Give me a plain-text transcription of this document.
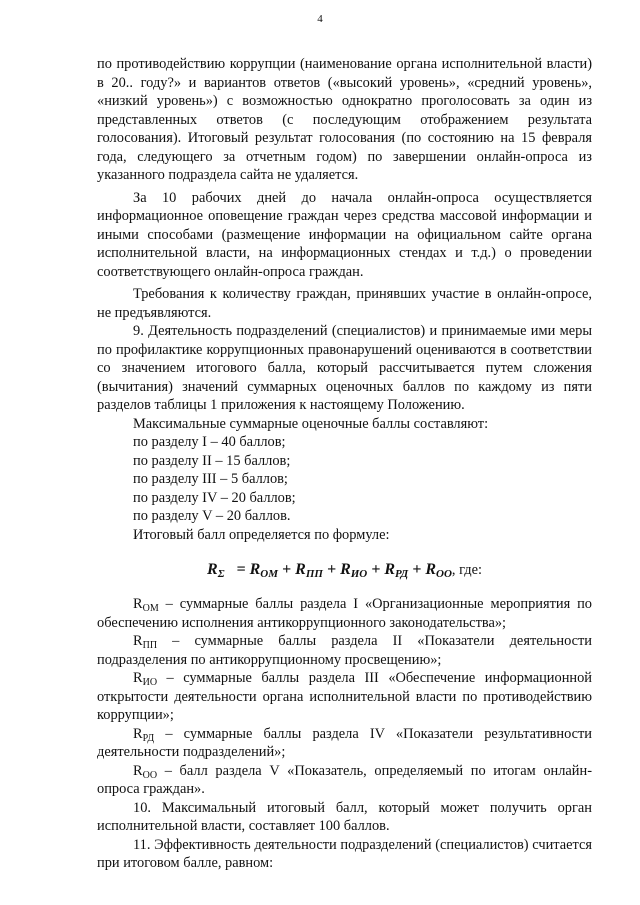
4

по противодействию коррупции (наименование органа исполнительной власти) в 20.. году?» и вариантов ответов («высокий уровень», «средний уровень», «низкий уровень») с возможностью однократно проголосовать за один из представленных ответов (с последующим отображением результата голосования). Итоговый результат голосования (по состоянию на 15 февраля года, следующего за отчетным годом) по завершении онлайн-опроса из указанного подраздела сайта не удаляется.

За 10 рабочих дней до начала онлайн-опроса осуществляется информационное оповещение граждан через средства массовой информации и иными способами (размещение информации на официальном сайте органа исполнительной власти, на информационных стендах и т.д.) о проведении соответствующего онлайн-опроса граждан.

Требования к количеству граждан, принявших участие в онлайн-опросе, не предъявляются.

9. Деятельность подразделений (специалистов) и принимаемые ими меры по профилактике коррупционных правонарушений оцениваются в соответствии со значением итогового балла, который рассчитывается путем сложения (вычитания) значений суммарных оценочных баллов по каждому из пяти разделов таблицы 1 приложения к настоящему Положению.

Максимальные суммарные оценочные баллы составляют:

по разделу I – 40 баллов;

по разделу II – 15 баллов;

по разделу III – 5 баллов;

по разделу IV – 20 баллов;

по разделу V – 20 баллов.

Итоговый балл определяется по формуле:

$R_\Sigma = R_{ОМ} + R_{ПП} + R_{ИО} + R_{РД} + R_{ОО}$, где:

$R_{ОМ}$ – суммарные баллы раздела I «Организационные мероприятия по обеспечению исполнения антикоррупционного законодательства»;

$R_{ПП}$ – суммарные баллы раздела II «Показатели деятельности подразделения по антикоррупционному просвещению»;

$R_{ИО}$ – суммарные баллы раздела III «Обеспечение информационной открытости деятельности органа исполнительной власти по противодействию коррупции»;

$R_{РД}$ – суммарные баллы раздела IV «Показатели результативности деятельности подразделений»;

$R_{ОО}$ – балл раздела V «Показатель, определяемый по итогам онлайн-опроса граждан».

10. Максимальный итоговый балл, который может получить орган исполнительной власти, составляет 100 баллов.

11. Эффективность деятельности подразделений (специалистов) считается при итоговом балле, равном:
